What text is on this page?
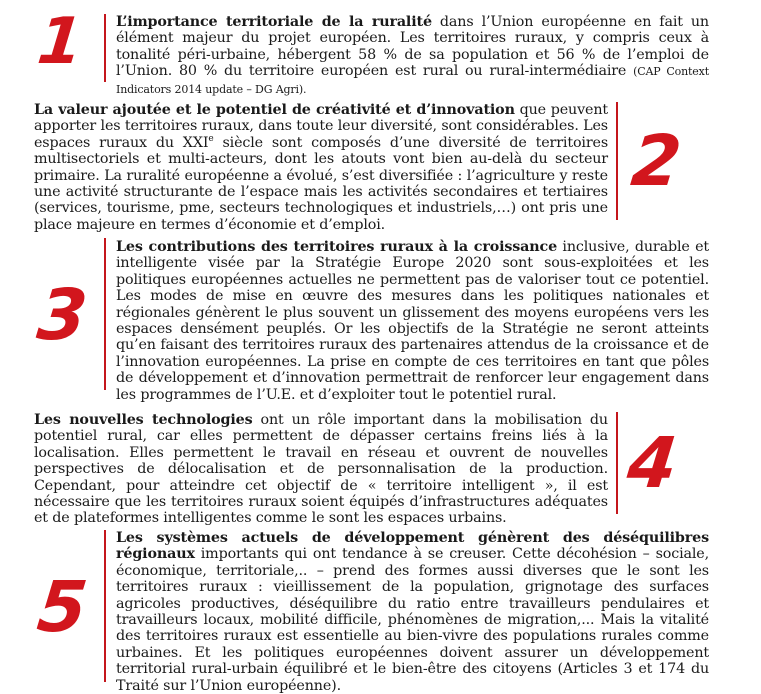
1 L’importance territoriale de la ruralité dans l’Union européenne en fait un élément majeur du projet européen. Les territoires ruraux, y compris ceux à tonalité péri-urbaine, hébergent 58 % de sa population et 56 % de l’emploi de l’Union. 80 % du territoire européen est rural ou rural-intermédiaire (CAP Context Indicators 2014 update – DG Agri).

La valeur ajoutée et le potentiel de créativité et d’innovation que peuvent apporter les territoires ruraux, dans toute leur diversité, sont considérables. Les espaces ruraux du XXIe siècle sont composés d’une diversité de territoires multisectoriels et multi-acteurs, dont les atouts vont bien au-delà du secteur primaire. La ruralité européenne a évolué, s’est diversifiée : l’agriculture y reste une activité structurante de l’espace mais les activités secondaires et tertiaires (services, tourisme, pme, secteurs technologiques et industriels,…) ont pris une place majeure en termes d’économie et d’emploi.

2
3

Les contributions des territoires ruraux à la croissance inclusive, durable et intelligente visée par la Stratégie Europe 2020 sont sous-exploitées et les politiques européennes actuelles ne permettent pas de valoriser tout ce potentiel. Les modes de mise en œuvre des mesures dans les politiques nationales et régionales génèrent le plus souvent un glissement des moyens européens vers les espaces densément peuplés. Or les objectifs de la Stratégie ne seront atteints qu’en faisant des territoires ruraux des partenaires attendus de la croissance et de l’innovation européennes. La prise en compte de ces territoires en tant que pôles de développement et d’innovation permettrait de renforcer leur engagement dans les programmes de l’U.E. et d’exploiter tout le potentiel rural.

Les nouvelles technologies ont un rôle important dans la mobilisation du potentiel rural, car elles permettent de dépasser certains freins liés à la localisation. Elles permettent le travail en réseau et ouvrent de nouvelles perspectives de délocalisation et de personnalisation de la production. Cependant, pour atteindre cet objectif de « territoire intelligent », il est nécessaire que les territoires ruraux soient équipés d’infrastructures adéquates et de plateformes intelligentes comme le sont les espaces urbains.

4
5

Les systèmes actuels de développement génèrent des déséquilibres régionaux importants qui ont tendance à se creuser. Cette décohésion – sociale, économique, territoriale,.. – prend des formes aussi diverses que le sont les territoires ruraux : vieillissement de la population, grignotage des surfaces agricoles productives, déséquilibre du ratio entre travailleurs pendulaires et travailleurs locaux, mobilité difficile, phénomènes de migration,... Mais la vitalité des territoires ruraux est essentielle au bien-vivre des populations rurales comme urbaines. Et les politiques européennes doivent assurer un développement territorial rural-urbain équilibré et le bien-être des citoyens (Articles 3 et 174 du Traité sur l’Union européenne).
